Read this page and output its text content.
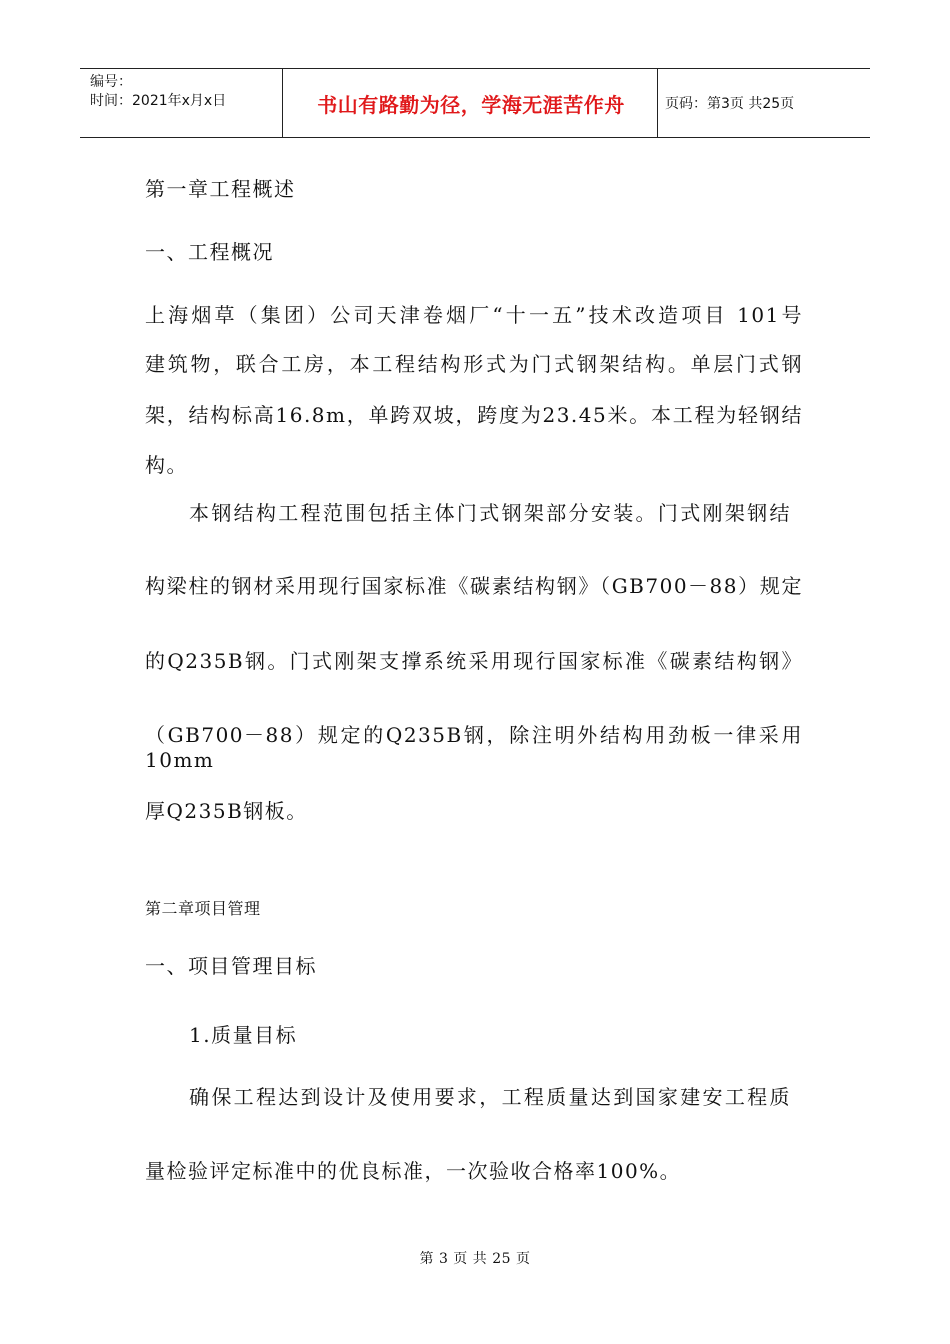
编号：
时间：2021年x月x日	书山有路勤为径，学海无涯苦作舟	页码：第3页 共25页
第一章工程概述
一、工程概况
上海烟草（集团）公司天津卷烟厂“十一五”技术改造项目 101号
建筑物，联合工房，本工程结构形式为门式钢架结构。单层门式钢
架，结构标高16.8m，单跨双坡，跨度为23.45米。本工程为轻钢结
构。
本钢结构工程范围包括主体门式钢架部分安装。门式刚架钢结
构梁柱的钢材采用现行国家标准《碳素结构钢》（GB700－88）规定
的Q235B钢。门式刚架支撑系统采用现行国家标准《碳素结构钢》
（GB700－88）规定的Q235B钢，除注明外结构用劲板一律采用10mm
厚Q235B钢板。
第二章项目管理
一、项目管理目标
1.质量目标
确保工程达到设计及使用要求，工程质量达到国家建安工程质
量检验评定标准中的优良标准，一次验收合格率100%。
第 3 页 共 25 页
